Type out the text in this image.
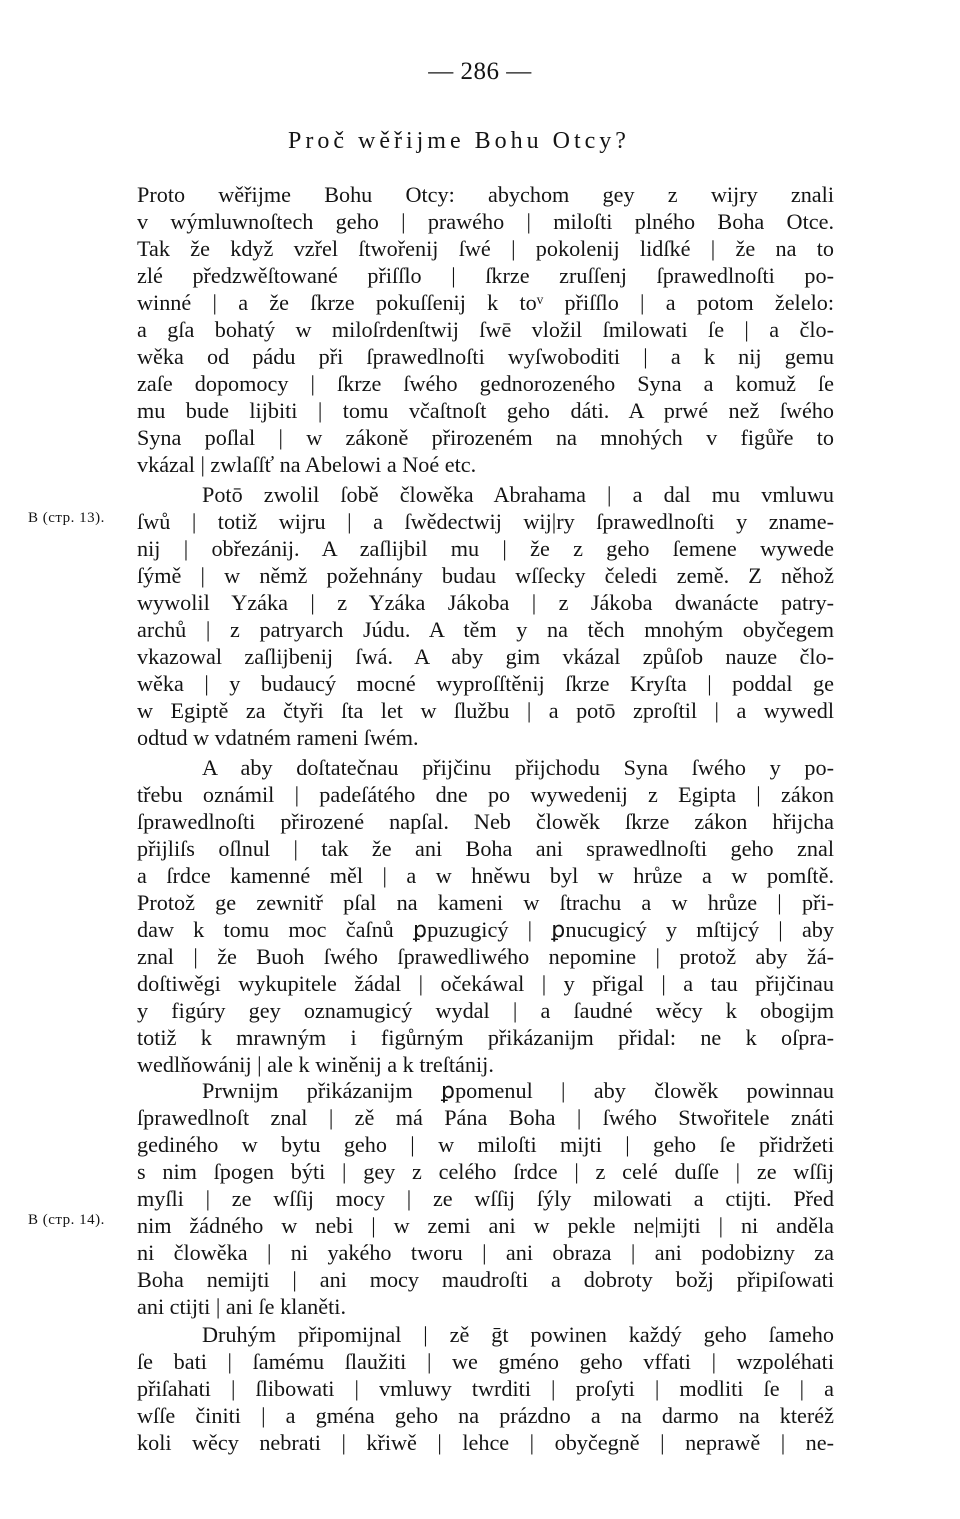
— 286 —
Proč wěřijme Bohu Otcy?
B (стр. 13).
B (стр. 14).
Proto wěřijme Bohu Otcy: abychom gey z wijry znali
v wýmluwnoſtech geho | prawého | miloſti plného Boha Otce.
Tak že když vzřel ſtwořenij ſwé | pokolenij lidſké | že na to
zlé předzwěſtowané přiſſlo | ſkrze zruſſenj ſprawedlnoſti po-
winné | a že ſkrze pokuſſenij k toᵛ přiſſlo | a potom želelo:
a gſa bohatý w miloſrdenſtwij ſwē vložil ſmilowati ſe | a člo-
wěka od pádu při ſprawedlnoſti wyſwoboditi | a k nij gemu
zaſe dopomocy | ſkrze ſwého gednorozeného Syna a komuž ſe
mu bude lijbiti | tomu včaſtnoſt geho dáti. A prwé než ſwého
Syna poſlal | w zákoně přirozeném na mnohých v figůře to
vkázal | zwlaſſť na Abelowi a Noé etc.
Potō zwolil ſobě člowěka Abrahama | a dal mu vmluwu
ſwů | totiž wijru | a ſwědectwij wij|ry ſprawedlnoſti y zname-
nij | obřezánij. A zaſlijbil mu | že z geho ſemene wywede
ſýmě | w němž požehnány budau wſſecky čeledi země. Z něhož
wywolil Yzáka | z Yzáka Jákoba | z Jákoba dwanácte patry-
archů | z patryarch Júdu. A těm y na těch mnohým obyčegem
vkazowal zaſlijbenij ſwá. A aby gim vkázal způſob nauze člo-
wěka | y budaucý mocné wyproſſtěnij ſkrze Kryſta | poddal ge
w Egiptě za čtyři ſta let w ſlužbu | a potō zproſtil | a wywedl
odtud w vdatném rameni ſwém.
A aby doſtatečnau přijčinu přijchodu Syna ſwého y po-
třebu oznámil | padeſátého dne po wywedenij z Egipta | zákon
ſprawedlnoſti přirozené napſal. Neb člowěk ſkrze zákon hřijcha
přijliſs oſlnul | tak že ani Boha ani sprawedlnoſti geho znal
a ſrdce kamenné měl | a w hněwu byl w hrůze a w pomſtě.
Protož ge zewnitř pſal na kameni w ſtrachu a w hrůze | při-
daw k tomu moc čaſnů ꝑpuzugicý | ꝑnucugicý y mſtijcý | aby
znal | že Buoh ſwého ſprawedliwého nepomine | protož aby žá-
doſtiwěgi wykupitele žádal | očekáwal | y přigal | a tau přijčinau
y figúry gey oznamugicý wydal | a ſaudné wěcy k obogijm
totiž k mrawným i figůrným přikázanijm přidal: ne k oſpra-
wedlňowánij | ale k winěnij a k treſtánij.
Prwnijm přikázanijm ꝑpomenul | aby člowěk powinnau
ſprawedlnoſt znal | zě má Pána Boha | ſwého Stwořitele znáti
gediného w bytu geho | w miloſti mijti | geho ſe přidržeti
s nim ſpogen býti | gey z celého ſrdce | z celé duſſe | ze wſſij
myſli | ze wſſij mocy | ze wſſij ſýly milowati a ctijti. Před
nim žádného w nebi | w zemi ani w pekle ne|mijti | ni anděla
ni člowěka | ni yakého tworu | ani obraza | ani podobizny za
Boha nemijti | ani mocy maudroſti a dobroty božj připiſowati
ani ctijti | ani ſe klaněti.
Druhým připomijnal | zě ḡt powinen každý geho ſameho
ſe bati | ſamému ſlaužiti | we gméno geho vffati | wzpoléhati
přiſahati | ſlibowati | vmluwy twrditi | proſyti | modliti ſe | a
wſſe činiti | a gména geho na prázdno a na darmo na kteréž
koli wěcy nebrati | křiwě | lehce | obyčegně | neprawě | ne-
